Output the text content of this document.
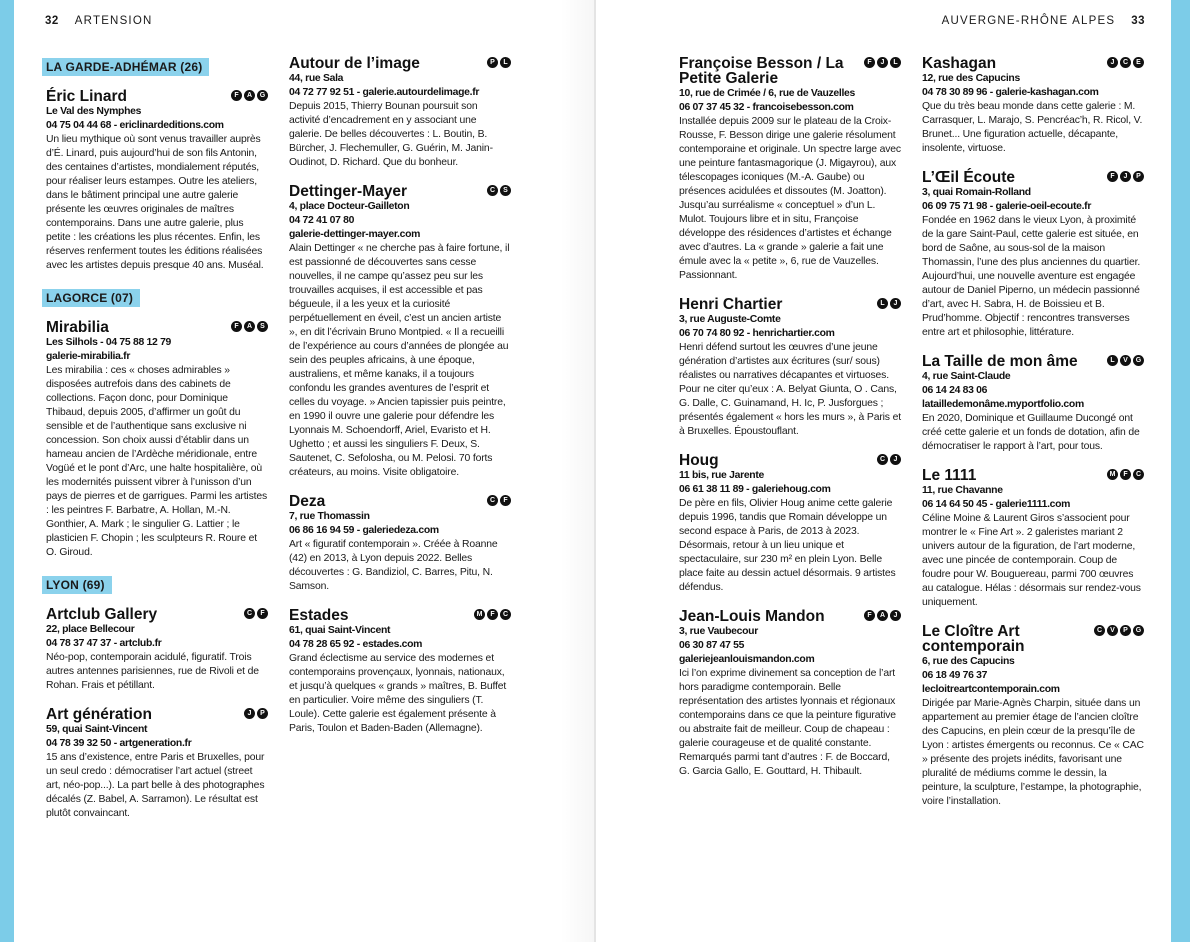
32 ARTENSION	AUVERGNE-RHÔNE ALPES 33
LA GARDE-ADHÉMAR (26)
Éric Linard	F	A	G
Le Val des Nymphes
04 75 04 44 68 - ericlinardeditions.com
Un lieu mythique où sont venus travailler auprès d’É. Linard, puis aujourd’hui de son fils Antonin, des centaines d’artistes, mondialement réputés, pour réaliser leurs estampes. Outre les ateliers, dans le bâtiment principal une autre galerie présente les œuvres originales de maîtres contemporains. Dans une autre galerie, plus petite : les créations les plus récentes. Enfin, les réserves renferment toutes les éditions réalisées avec les artistes depuis presque 40 ans. Muséal.
LAGORCE (07)
Mirabilia	F	A	S
Les Silhols - 04 75 88 12 79
galerie-mirabilia.fr
Les mirabilia : ces « choses admirables » disposées autrefois dans des cabinets de collections. Façon donc, pour Dominique Thibaud, depuis 2005, d’affirmer un goût du sensible et de l’authentique sans exclusive ni concession. Son choix aussi d’établir dans un hameau ancien de l’Ardèche méridionale, entre Vogüé et le pont d’Arc, une halte hospitalière, où les modernités puissent vibrer à l’unisson d’un pays de pierres et de garrigues. Parmi les artistes : les peintres F. Barbatre, A. Hollan, M.-N. Gonthier, A. Mark ; le singulier G. Lattier ; le plasticien F. Chopin ; les sculpteurs R. Roure et O. Giroud.
LYON (69)
Artclub Gallery	C	F
22, place Bellecour
04 78 37 47 37 - artclub.fr
Néo-pop, contemporain acidulé, figuratif. Trois autres antennes parisiennes, rue de Rivoli et de Rohan. Frais et pétillant.
Art génération	J	P
59, quai Saint-Vincent
04 78 39 32 50 - artgeneration.fr
15 ans d’existence, entre Paris et Bruxelles, pour un seul credo : démocratiser l’art actuel (street art, néo-pop...). La part belle à des photographes décalés (Z. Babel, A. Sarramon). Le résultat est plutôt convaincant.
Autour de l’image	P	L
44, rue Sala
04 72 77 92 51 - galerie.autourdelimage.fr
Depuis 2015, Thierry Bounan poursuit son activité d’encadrement en y associant une galerie. De belles découvertes : L. Boutin, B. Bürcher, J. Flechemuller, G. Guérin, M. Janin-Oudinot, D. Richard. Que du bonheur.
Dettinger-Mayer	C	S
4, place Docteur-Gailleton
04 72 41 07 80
galerie-dettinger-mayer.com
Alain Dettinger « ne cherche pas à faire fortune, il est passionné de découvertes sans cesse nouvelles, il ne campe qu’assez peu sur les trouvailles acquises, il est accessible et pas bégueule, il a les yeux et la curiosité perpétuellement en éveil, c’est un ancien artiste », en dit l’écrivain Bruno Montpied. « Il a recueilli de l’expérience au cours d’années de plongée au sein des peuples africains, à une époque, australiens, et même kanaks, il a toujours confondu les grandes aventures de l’esprit et celles du voyage. » Ancien tapissier puis peintre, en 1990 il ouvre une galerie pour défendre les Lyonnais M. Schoendorff, Ariel, Evaristo et H. Ughetto ; et aussi les singuliers F. Deux, S. Sautenet, C. Sefolosha, ou M. Pelosi. 70 forts créateurs, au moins. Visite obligatoire.
Deza	C	F
7, rue Thomassin
06 86 16 94 59 - galeriedeza.com
Art « figuratif contemporain ». Créée à Roanne (42) en 2013, à Lyon depuis 2022. Belles découvertes : G. Bandiziol, C. Barres, Pitu, N. Samson.
Estades	M	F	C
61, quai Saint-Vincent
04 78 28 65 92 - estades.com
Grand éclectisme au service des modernes et contemporains provençaux, lyonnais, nationaux, et jusqu’à quelques « grands » maîtres, B. Buffet en particulier. Voire même des singuliers (T. Loule). Cette galerie est également présente à Paris, Toulon et Baden-Baden (Allemagne).
Françoise Besson / La Petite Galerie
F	J	L
10, rue de Crimée / 6, rue de Vauzelles
06 07 37 45 32 - francoisebesson.com
Installée depuis 2009 sur le plateau de la Croix-Rousse, F. Besson dirige une galerie résolument contemporaine et originale. Un spectre large avec une peinture fantasmagorique (J. Migayrou), aux télescopages iconiques (M.-A. Gaube) ou présences acidulées et dissoutes (M. Joatton). Jusqu’au surréalisme « conceptuel » d’un L. Mulot. Toujours libre et in situ, Françoise développe des résidences d’artistes et échange avec d’autres. La « grande » galerie a fait une émule avec la « petite », 6, rue de Vauzelles. Passionnant.
Henri Chartier	L	J
3, rue Auguste-Comte
06 70 74 80 92 - henrichartier.com
Henri défend surtout les œuvres d’une jeune génération d’artistes aux écritures (sur/ sous) réalistes ou narratives décapantes et virtuoses. Pour ne citer qu’eux : A. Belyat Giunta, O . Cans, G. Dalle, C. Guinamand, H. Ic, P. Jusforgues ; présentés également « hors les murs », à Paris et à Bruxelles. Époustouflant.
Houg	C	J
11 bis, rue Jarente
06 61 38 11 89 - galeriehoug.com
De père en fils, Olivier Houg anime cette galerie depuis 1996, tandis que Romain développe un second espace à Paris, de 2013 à 2023. Désormais, retour à un lieu unique et spectaculaire, sur 230 m² en plein Lyon. Belle place faite au dessin actuel désormais. 9 artistes défendus.
Jean-Louis Mandon	F	A	J
3, rue Vaubecour
06 30 87 47 55
galeriejeanlouismandon.com
Ici l’on exprime divinement sa conception de l’art hors paradigme contemporain. Belle représentation des artistes lyonnais et régionaux contemporains dans ce que la peinture figurative ou abstraite fait de meilleur. Coup de chapeau : galerie courageuse et de qualité constante. Remarqués parmi tant d’autres : F. de Boccard, G. Garcia Gallo, E. Gouttard, H. Thibault.
Kashagan	J	C	E
12, rue des Capucins
04 78 30 89 96 - galerie-kashagan.com
Que du très beau monde dans cette galerie : M. Carrasquer, L. Marajo, S. Pencréac’h, R. Ricol, V. Brunet... Une figuration actuelle, décapante, insolente, virtuose.
L’Œil Écoute	F	J	P
3, quai Romain-Rolland
06 09 75 71 98 - galerie-oeil-ecoute.fr
Fondée en 1962 dans le vieux Lyon, à proximité de la gare Saint-Paul, cette galerie est située, en bord de Saône, au sous-sol de la maison Thomassin, l’une des plus anciennes du quartier. Aujourd’hui, une nouvelle aventure est engagée autour de Daniel Piperno, un médecin passionné d’art, avec H. Sabra, H. de Boissieu et B. Prud’homme. Objectif : rencontres transverses entre art et philosophie, littérature.
La Taille de mon âme	L	V	G
4, rue Saint-Claude
06 14 24 83 06
latailledemonâme.myportfolio.com
En 2020, Dominique et Guillaume Ducongé ont créé cette galerie et un fonds de dotation, afin de démocratiser le rapport à l’art, pour tous.
Le 1111	M	F	C
11, rue Chavanne
06 14 64 50 45 - galerie1111.com
Céline Moine & Laurent Giros s’associent pour montrer le « Fine Art ». 2 galeristes mariant 2 univers autour de la figuration, de l’art moderne, avec une pincée de contemporain. Coup de foudre pour W. Bouguereau, parmi 700 œuvres au catalogue. Hélas : désormais sur rendez-vous uniquement.
Le Cloître Art contemporain
C	V	P	G
6, rue des Capucins
06 18 49 76 37
lecloitreartcontemporain.com
Dirigée par Marie-Agnès Charpin, située dans un appartement au premier étage de l’ancien cloître des Capucins, en plein cœur de la presqu’île de Lyon : artistes émergents ou reconnus. Ce « CAC » présente des projets inédits, favorisant une pluralité de médiums comme le dessin, la peinture, la sculpture, l’estampe, la photographie, voire l’installation.
